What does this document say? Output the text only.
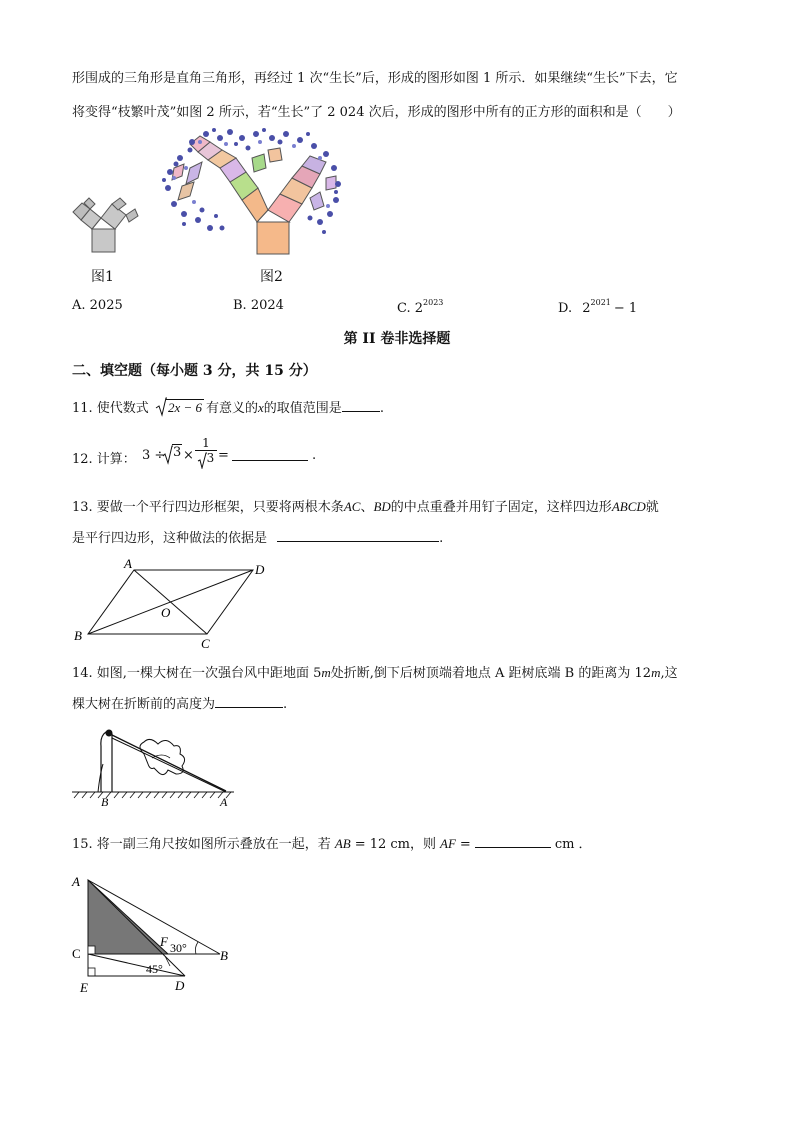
形围成的三角形是直角三角形，再经过 1 次“生长”后，形成的图形如图 1 所示．如果继续“生长”下去，它
将变得“枝繁叶茂”如图 2 所示，若“生长”了 2 024 次后，形成的图形中所有的正方形的面积和是（　　）
图1	图2
A. 2025	B. 2024	C. $2^{2023}$	D. $2^{2021} - 1$
第 II 卷非选择题
二、填空题（每小题 3 分，共 15 分）
11. 使代数式 2x − 6 有意义的x的取值范围是	.
12. 计算： $3 \div 3 \times \frac{1}{3}$ =	.
13. 要做一个平行四边形框架，只要将两根木条AC、BD的中点重叠并用钉子固定，这样四边形ABCD就
是平行四边形，这种做法的依据是	.
A	D
B
C
O
14. 如图,一棵大树在一次强台风中距地面 5m处折断,倒下后树顶端着地点 A 距树底端 B 的距离为 12m,这
棵大树在折断前的高度为	.
B	A
15. 将一副三角尺按如图所示叠放在一起，若 AB = 12 cm，则 AF =	cm ．
A
C
E	D
B
F 30°
45°
